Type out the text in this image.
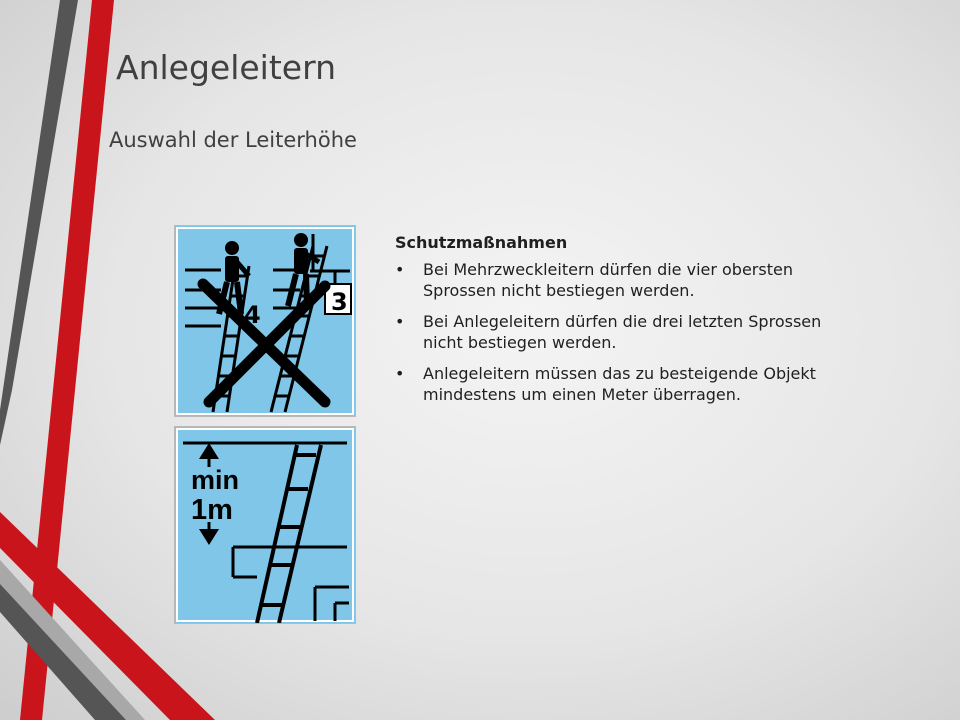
Anlegeleitern
Auswahl der Leiterhöhe
4	3
min
1m
Schutzmaßnahmen
• Bei Mehrzweckleitern dürfen die vier obersten Sprossen nicht bestiegen werden.
• Bei Anlegeleitern dürfen die drei letzten Sprossen nicht bestiegen werden.
• Anlegeleitern müssen das zu besteigende Objekt mindestens um einen Meter überragen.
